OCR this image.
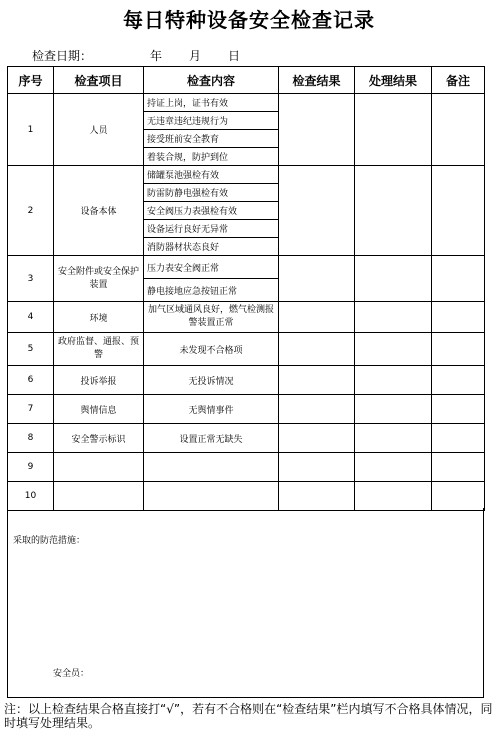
每日特种设备安全检查记录
检查日期：	年 月 日
序号	检查项目	检查内容	检查结果	处理结果	备注
1	人员	持证上岗，证书有效			
		无违章违纪违规行为			
		接受班前安全教育			
		着装合规，防护到位			
2	设备本体	储罐泵池强检有效			
		防雷防静电强检有效			
		安全阀压力表强检有效			
		设备运行良好无异常			
		消防器材状态良好			
3	安全附件或安全保护装置	压力表安全阀正常			
		静电接地应急按钮正常			
4	环境	加气区域通风良好，燃气检测报警装置正常			
5	政府监督、通报、预警	未发现不合格项			
6	投诉举报	无投诉情况			
7	舆情信息	无舆情事件			
8	安全警示标识	设置正常无缺失			
9					
10					
采取的防范措施：
安全员：
注：以上检查结果合格直接打“√”，若有不合格则在“检查结果”栏内填写不合格具体情况，同时填写处理结果。
